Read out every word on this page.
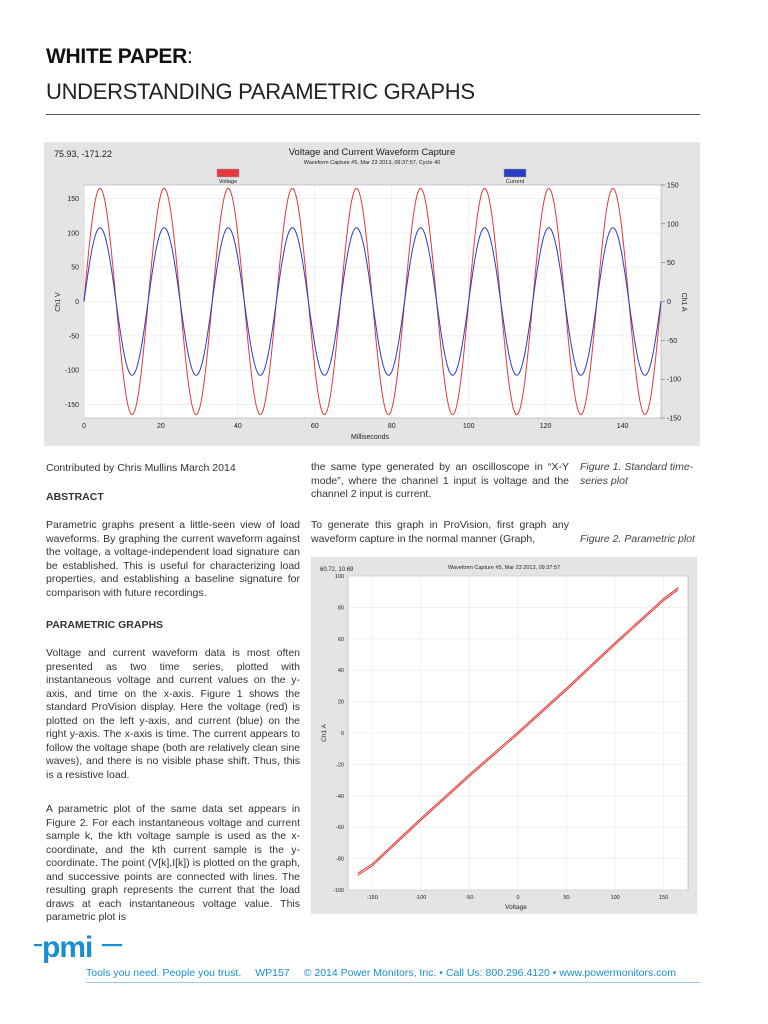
WHITE PAPER:
UNDERSTANDING PARAMETRIC GRAPHS
75.93, -171.22	Voltage and Current Waveform Capture
Waveform Capture #5, Mar 23 2013, 09:37:57, Cycle 40
Voltage	Current
150
100
50
0
-50
-100
-150
150
100
50
0
-50
-100
-150
0	20	40	60	80	100	120	140
Ch1 V	Ch1 A
Milliseconds
60.72, 10.69	Waveform Capture #5, Mar 23 2013, 09:37:57
100
80
60
40
20
0
-20
-40
-60
-80
-100
-150	-100	-50	0	50	100	150
Ch1 A
Voltage
Contributed by Chris Mullins March 2014
ABSTRACT
Parametric graphs present a little-seen view of load waveforms. By graphing the current waveform against the voltage, a voltage-independent load signature can be established. This is useful for characterizing load properties, and establishing a baseline signature for comparison with future recordings.
PARAMETRIC GRAPHS
Voltage and current waveform data is most often presented as two time series, plotted with instantaneous voltage and current values on the y-axis, and time on the x-axis. Figure 1 shows the standard ProVision display. Here the voltage (red) is plotted on the left y-axis, and current (blue) on the right y-axis. The x-axis is time. The current appears to follow the voltage shape (both are relatively clean sine waves), and there is no visible phase shift. Thus, this is a resistive load.
A parametric plot of the same data set appears in Figure 2. For each instantaneous voltage and current sample k, the kth voltage sample is used as the x-coordinate, and the kth current sample is the y-coordinate. The point (V[k],I[k]) is plotted on the graph, and successive points are connected with lines. The resulting graph represents the current that the load draws at each instantaneous voltage value. This parametric plot is
the same type generated by an oscilloscope in “X-Y mode”, where the channel 1 input is voltage and the channel 2 input is current.
To generate this graph in ProVision, first graph any waveform capture in the normal manner (Graph,
Figure 1. Standard time-series plot
Figure 2. Parametric plot
pmi
Tools you need. People you trust. WP157 © 2014 Power Monitors, Inc. • Call Us: 800.296.4120 • www.powermonitors.com
